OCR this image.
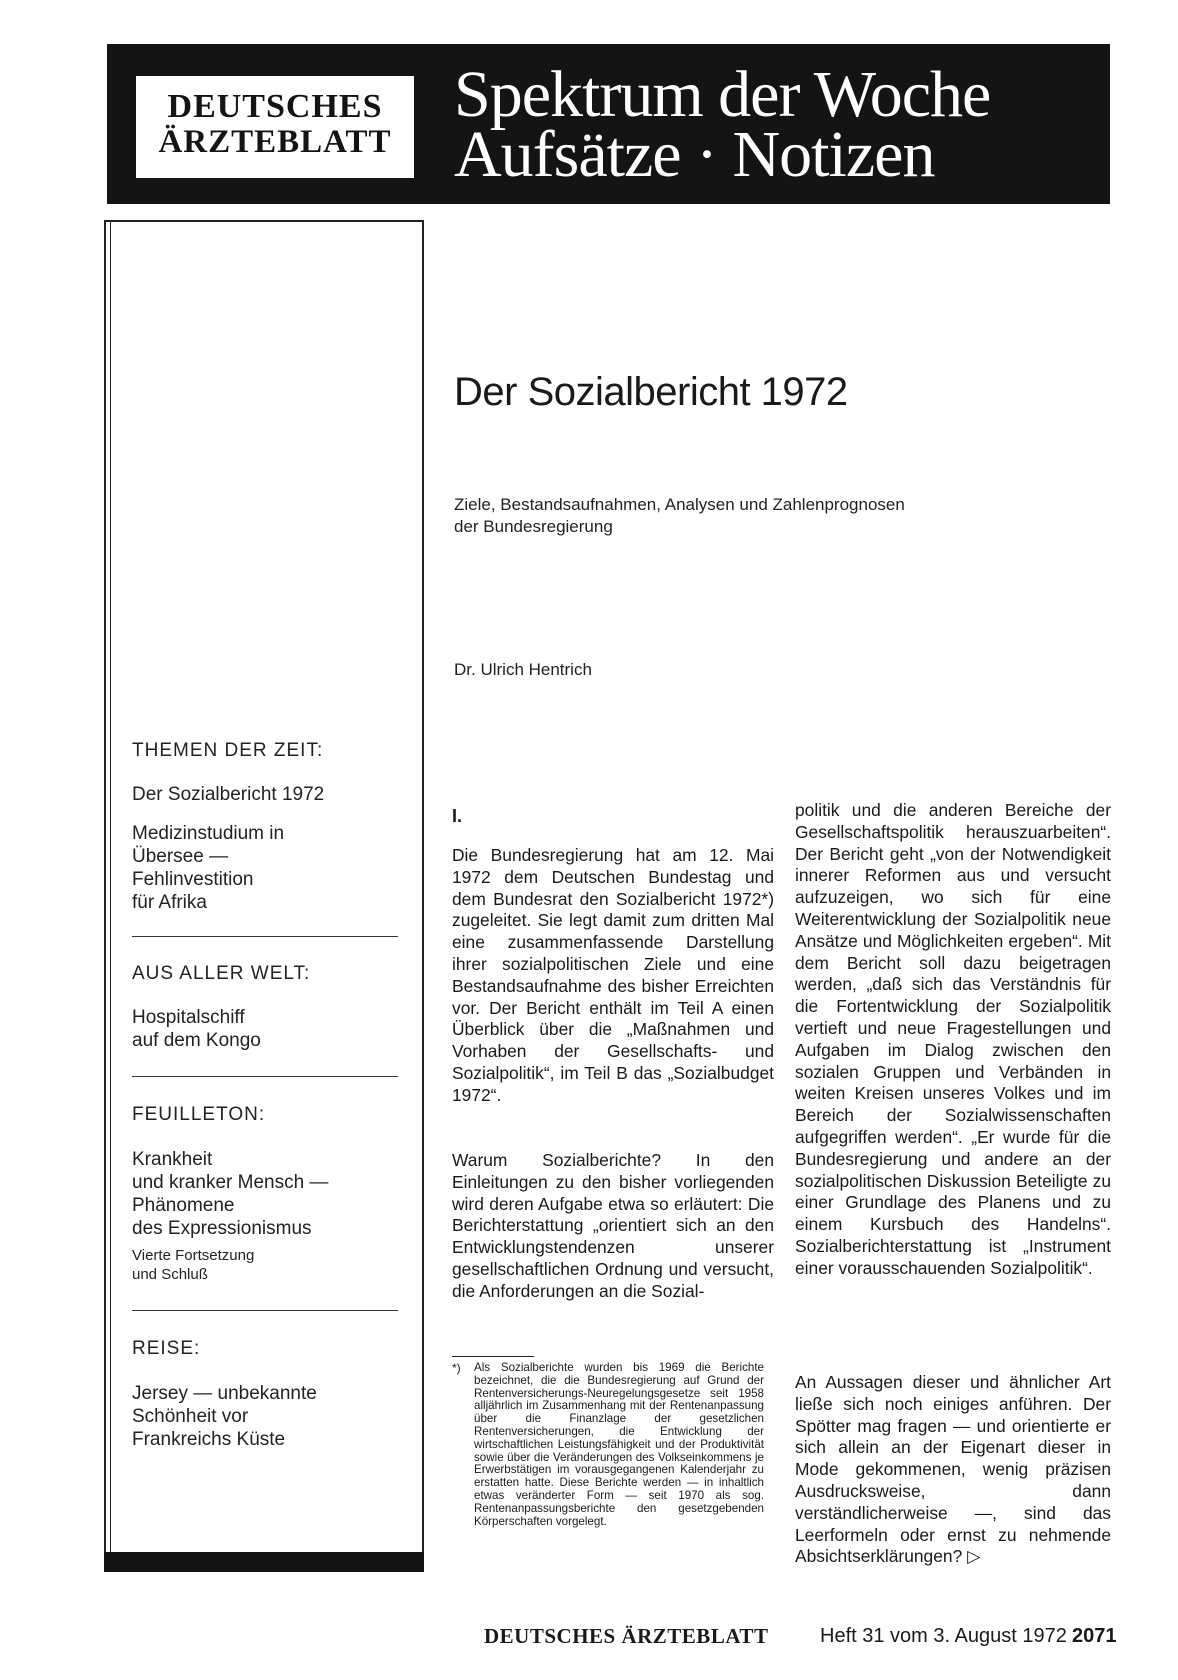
DEUTSCHES
ÄRZTEBLATT
Spektrum der Woche
Aufsätze · Notizen
THEMEN DER ZEIT:
Der Sozialbericht 1972
Medizinstudium in
Übersee —
Fehlinvestition
für Afrika
AUS ALLER WELT:
Hospitalschiff
auf dem Kongo
FEUILLETON:
Krankheit
und kranker Mensch —
Phänomene
des Expressionismus
Vierte Fortsetzung
und Schluß
REISE:
Jersey — unbekannte
Schönheit vor
Frankreichs Küste
Der Sozialbericht 1972
Ziele, Bestandsaufnahmen, Analysen und Zahlenprognosen
der Bundesregierung
Dr. Ulrich Hentrich
I.

Die Bundesregierung hat am 12. Mai 1972 dem Deutschen Bundestag und dem Bundesrat den Sozialbericht 1972*) zugeleitet. Sie legt damit zum dritten Mal eine zusammenfassende Darstellung ihrer sozialpolitischen Ziele und eine Bestandsaufnahme des bisher Erreichten vor. Der Bericht enthält im Teil A einen Überblick über die „Maßnahmen und Vorhaben der Gesellschafts- und Sozialpolitik“, im Teil B das „Sozialbudget 1972“.

Warum Sozialberichte? In den Einleitungen zu den bisher vorliegenden wird deren Aufgabe etwa so erläutert: Die Berichterstattung „orientiert sich an den Entwicklungstendenzen unserer gesellschaftlichen Ordnung und versucht, die Anforderungen an die Sozial-

politik und die anderen Bereiche der Gesellschaftspolitik herauszuarbeiten“. Der Bericht geht „von der Notwendigkeit innerer Reformen aus und versucht aufzuzeigen, wo sich für eine Weiterentwicklung der Sozialpolitik neue Ansätze und Möglichkeiten ergeben“. Mit dem Bericht soll dazu beigetragen werden, „daß sich das Verständnis für die Fortentwicklung der Sozialpolitik vertieft und neue Fragestellungen und Aufgaben im Dialog zwischen den sozialen Gruppen und Verbänden in weiten Kreisen unseres Volkes und im Bereich der Sozialwissenschaften aufgegriffen werden“. „Er wurde für die Bundesregierung und andere an der sozialpolitischen Diskussion Beteiligte zu einer Grundlage des Planens und zu einem Kursbuch des Handelns“. Sozialberichterstattung ist „Instrument einer vorausschauenden Sozialpolitik“.

An Aussagen dieser und ähnlicher Art ließe sich noch einiges anführen. Der Spötter mag fragen — und orientierte er sich allein an der Eigenart dieser in Mode gekommenen, wenig präzisen Ausdrucksweise, dann verständlicherweise —, sind das Leerformeln oder ernst zu nehmende Absichtserklärungen? ▷

*) Als Sozialberichte wurden bis 1969 die Berichte bezeichnet, die die Bundesregierung auf Grund der Rentenversicherungs-Neuregelungsgesetze seit 1958 alljährlich im Zusammenhang mit der Rentenanpassung über die Finanzlage der gesetzlichen Rentenversicherungen, die Entwicklung der wirtschaftlichen Leistungsfähigkeit und der Produktivität sowie über die Veränderungen des Volkseinkommens je Erwerbstätigen im vorausgegangenen Kalenderjahr zu erstatten hatte. Diese Berichte werden — in inhaltlich etwas veränderter Form — seit 1970 als sog. Rentenanpassungsberichte den gesetzgebenden Körperschaften vorgelegt.
DEUTSCHES ÄRZTEBLATT	Heft 31 vom 3. August 1972 2071
